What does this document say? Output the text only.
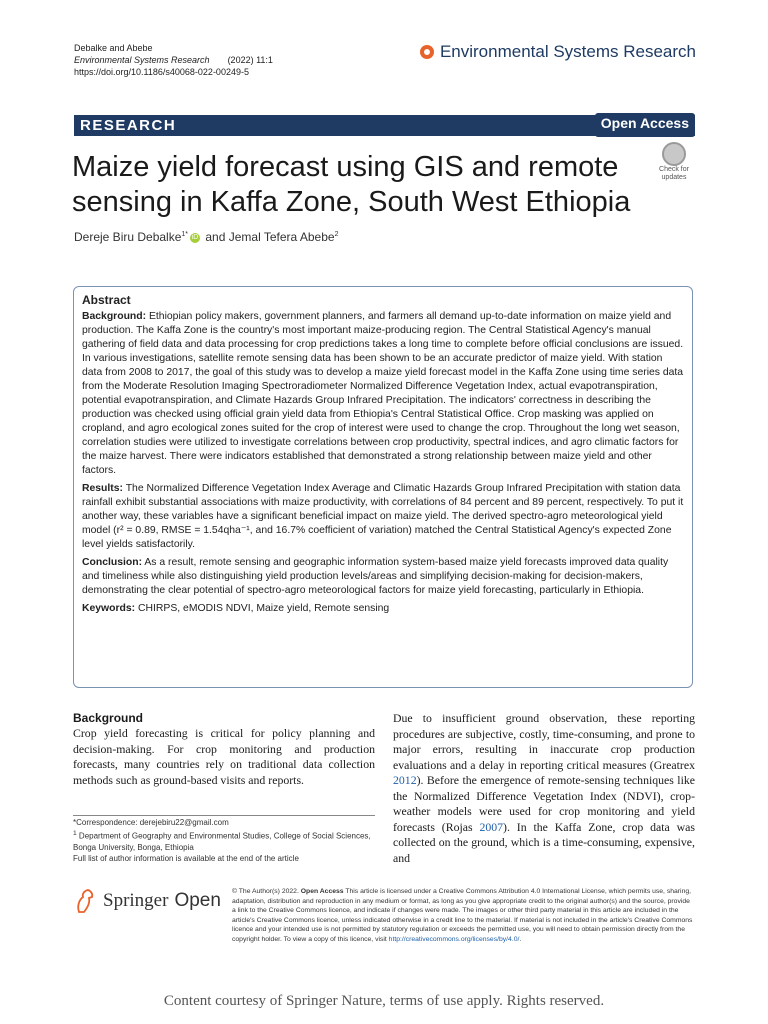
Debalke and Abebe
Environmental Systems Research (2022) 11:1
https://doi.org/10.1186/s40068-022-00249-5
Environmental Systems Research
RESEARCH	Open Access
Maize yield forecast using GIS and remote sensing in Kaffa Zone, South West Ethiopia
Check for
updates
Dereje Biru Debalke$^{1*}$ iD and Jemal Tefera Abebe$^2$
Abstract

Background: Ethiopian policy makers, government planners, and farmers all demand up-to-date information on maize yield and production. The Kaffa Zone is the country's most important maize-producing region. The Central Statistical Agency's manual gathering of field data and data processing for crop predictions takes a long time to complete before official conclusions are issued. In various investigations, satellite remote sensing data has been shown to be an accurate predictor of maize yield. With station data from 2008 to 2017, the goal of this study was to develop a maize yield forecast model in the Kaffa Zone using time series data from the Moderate Resolution Imaging Spectroradiometer Normalized Difference Vegetation Index, actual evapotranspiration, potential evapotranspiration, and Climate Hazards Group Infrared Precipitation. The indicators' correctness in describing the production was checked using official grain yield data from Ethiopia's Central Statistical Office. Crop masking was applied on cropland, and agro ecological zones suited for the crop of interest were used to change the crop. Throughout the long wet season, correlation studies were utilized to investigate correlations between crop productivity, spectral indices, and agro climatic factors for the maize harvest. There were indicators established that demonstrated a strong relationship between maize yield and other factors.

Results: The Normalized Difference Vegetation Index Average and Climatic Hazards Group Infrared Precipitation with station data rainfall exhibit substantial associations with maize productivity, with correlations of 84 percent and 89 percent, respectively. To put it another way, these variables have a significant beneficial impact on maize yield. The derived spectro-agro meteorological yield model (r² = 0.89, RMSE = 1.54qha⁻¹, and 16.7% coefficient of variation) matched the Central Statistical Agency's expected Zone level yields satisfactorily.

Conclusion: As a result, remote sensing and geographic information system-based maize yield forecasts improved data quality and timeliness while also distinguishing yield production levels/areas and simplifying decision-making for decision-makers, demonstrating the clear potential of spectro-agro meteorological factors for maize yield forecasting, particularly in Ethiopia.

Keywords: CHIRPS, eMODIS NDVI, Maize yield, Remote sensing

Background

Crop yield forecasting is critical for policy planning and decision-making. For crop monitoring and production forecasts, many countries rely on traditional data collection methods such as ground-based visits and reports.

Due to insufficient ground observation, these reporting procedures are subjective, costly, time-consuming, and prone to major errors, resulting in inaccurate crop production evaluations and a delay in reporting critical measures (Greatrex 2012). Before the emergence of remote-sensing techniques like the Normalized Difference Vegetation Index (NDVI), crop-weather models were used for crop monitoring and yield forecasts (Rojas 2007). In the Kaffa Zone, crop data was collected on the ground, which is a time-consuming, expensive, and

*Correspondence: derejebiru22@gmail.com

$^1$ Department of Geography and Environmental Studies, College of Social Sciences, Bonga University, Bonga, Ethiopia

Full list of author information is available at the end of the article

Springer Open © The Author(s) 2022. Open Access This article is licensed under a Creative Commons Attribution 4.0 International License, which permits use, sharing, adaptation, distribution and reproduction in any medium or format, as long as you give appropriate credit to the original author(s) and the source, provide a link to the Creative Commons licence, and indicate if changes were made. The images or other third party material in this article are included in the article's Creative Commons licence, unless indicated otherwise in a credit line to the material. If material is not included in the article's Creative Commons licence and your intended use is not permitted by statutory regulation or exceeds the permitted use, you will need to obtain permission directly from the copyright holder. To view a copy of this licence, visit http://creativecommons.org/licenses/by/4.0/.
Content courtesy of Springer Nature, terms of use apply. Rights reserved.
